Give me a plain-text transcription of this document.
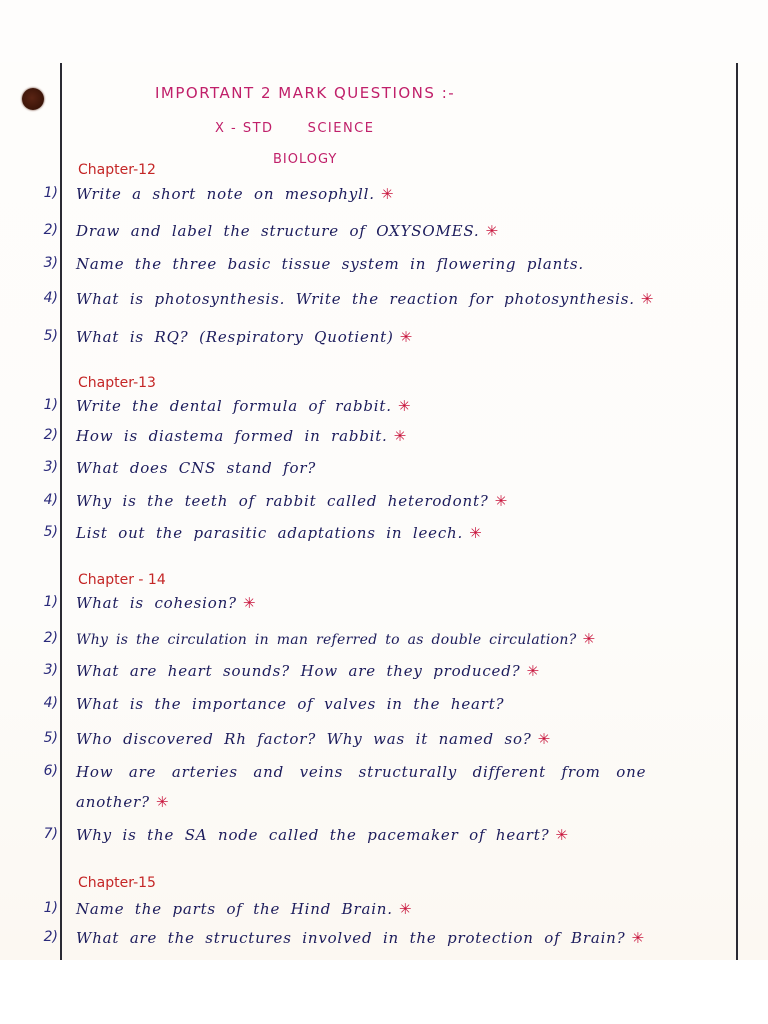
IMPORTANT 2 MARK QUESTIONS :-
X - STD	SCIENCE
BIOLOGY
Chapter-12
1) Write a short note on mesophyll. ✳
2) Draw and label the structure of OXYSOMES. ✳
3) Name the three basic tissue system in flowering plants.
4) What is photosynthesis. Write the reaction for photosynthesis. ✳
5) What is RQ? (Respiratory Quotient) ✳
Chapter-13
1) Write the dental formula of rabbit. ✳
2) How is diastema formed in rabbit. ✳
3) What does CNS stand for?
4) Why is the teeth of rabbit called heterodont? ✳
5) List out the parasitic adaptations in leech. ✳
Chapter - 14
1) What is cohesion? ✳
2) Why is the circulation in man referred to as double circulation? ✳
3) What are heart sounds? How are they produced? ✳
4) What is the importance of valves in the heart?
5) Who discovered Rh factor? Why was it named so? ✳
6) How are arteries and veins structurally different from one
another? ✳
7) Why is the SA node called the pacemaker of heart? ✳
Chapter-15
1) Name the parts of the Hind Brain. ✳
2) What are the structures involved in the protection of Brain? ✳
